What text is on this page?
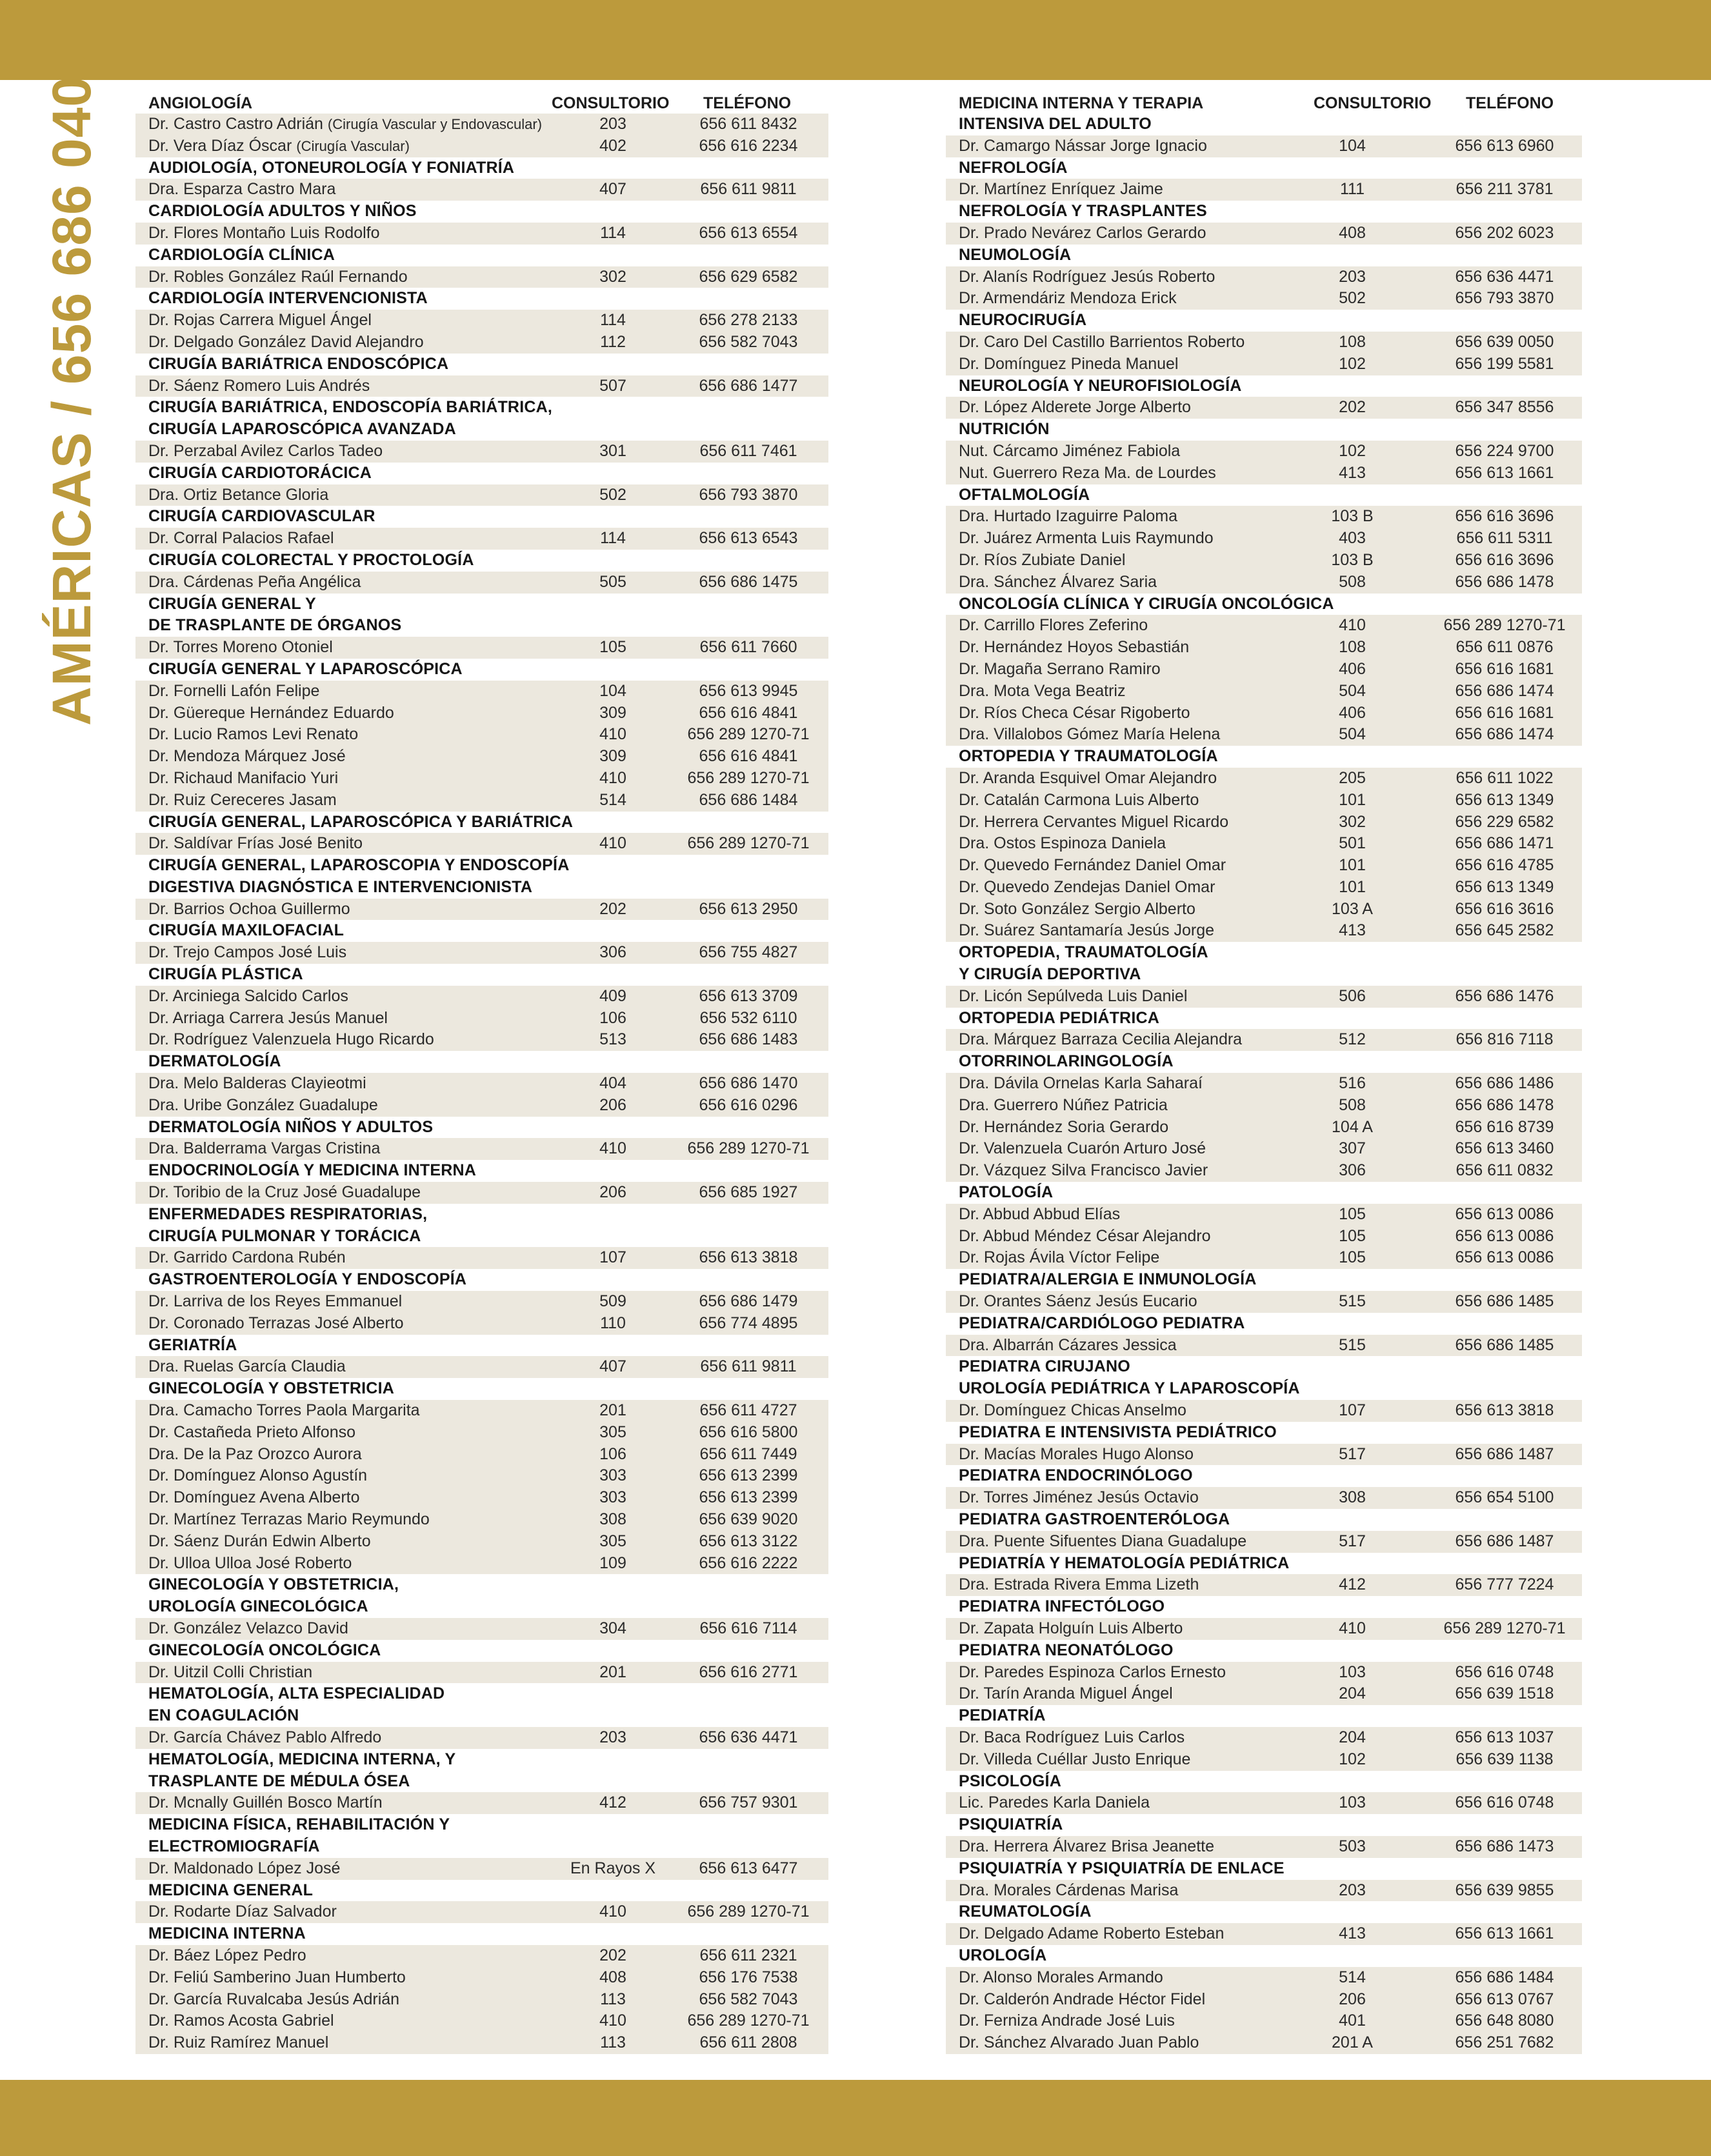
AMÉRICAS / 656 686 0400	ANGIOLOGÍA	CONSULTORIO TELÉFONO
Dr. Castro Castro Adrián (Cirugía Vascular y Endovascular)	203	656 611 8432
Dr. Vera Díaz Óscar (Cirugía Vascular)	402	656 616 2234
AUDIOLOGÍA, OTONEUROLOGÍA Y FONIATRÍA
Dra. Esparza Castro Mara	407	656 611 9811
CARDIOLOGÍA ADULTOS Y NIÑOS
Dr. Flores Montaño Luis Rodolfo	114	656 613 6554
CARDIOLOGÍA CLÍNICA
Dr. Robles González Raúl Fernando	302	656 629 6582
CARDIOLOGÍA INTERVENCIONISTA
Dr. Rojas Carrera Miguel Ángel	114	656 278 2133
Dr. Delgado González David Alejandro	112	656 582 7043
CIRUGÍA BARIÁTRICA ENDOSCÓPICA
Dr. Sáenz Romero Luis Andrés	507	656 686 1477
CIRUGÍA BARIÁTRICA, ENDOSCOPÍA BARIÁTRICA,
CIRUGÍA LAPAROSCÓPICA AVANZADA
Dr. Perzabal Avilez Carlos Tadeo	301	656 611 7461
CIRUGÍA CARDIOTORÁCICA
Dra. Ortiz Betance Gloria	502	656 793 3870
CIRUGÍA CARDIOVASCULAR
Dr. Corral Palacios Rafael	114	656 613 6543
CIRUGÍA COLORECTAL Y PROCTOLOGÍA
Dra. Cárdenas Peña Angélica	505	656 686 1475
CIRUGÍA GENERAL Y
DE TRASPLANTE DE ÓRGANOS
Dr. Torres Moreno Otoniel	105	656 611 7660
CIRUGÍA GENERAL Y LAPAROSCÓPICA
Dr. Fornelli Lafón Felipe	104	656 613 9945
Dr. Güereque Hernández Eduardo	309	656 616 4841
Dr. Lucio Ramos Levi Renato	410	656 289 1270-71
Dr. Mendoza Márquez José	309	656 616 4841
Dr. Richaud Manifacio Yuri	410	656 289 1270-71
Dr. Ruiz Cereceres Jasam	514	656 686 1484
CIRUGÍA GENERAL, LAPAROSCÓPICA Y BARIÁTRICA
Dr. Saldívar Frías José Benito	410	656 289 1270-71
CIRUGÍA GENERAL, LAPAROSCOPIA Y ENDOSCOPÍA
DIGESTIVA DIAGNÓSTICA E INTERVENCIONISTA
Dr. Barrios Ochoa Guillermo	202	656 613 2950
CIRUGÍA MAXILOFACIAL
Dr. Trejo Campos José Luis	306	656 755 4827
CIRUGÍA PLÁSTICA
Dr. Arciniega Salcido Carlos	409	656 613 3709
Dr. Arriaga Carrera Jesús Manuel	106	656 532 6110
Dr. Rodríguez Valenzuela Hugo Ricardo	513	656 686 1483
DERMATOLOGÍA
Dra. Melo Balderas Clayieotmi	404	656 686 1470
Dra. Uribe González Guadalupe	206	656 616 0296
DERMATOLOGÍA NIÑOS Y ADULTOS
Dra. Balderrama Vargas Cristina	410	656 289 1270-71
ENDOCRINOLOGÍA Y MEDICINA INTERNA
Dr. Toribio de la Cruz José Guadalupe	206	656 685 1927
ENFERMEDADES RESPIRATORIAS,
CIRUGÍA PULMONAR Y TORÁCICA
Dr. Garrido Cardona Rubén	107	656 613 3818
GASTROENTEROLOGÍA Y ENDOSCOPÍA
Dr. Larriva de los Reyes Emmanuel	509	656 686 1479
Dr. Coronado Terrazas José Alberto	110	656 774 4895
GERIATRÍA
Dra. Ruelas García Claudia	407	656 611 9811
GINECOLOGÍA Y OBSTETRICIA
Dra. Camacho Torres Paola Margarita	201	656 611 4727
Dr. Castañeda Prieto Alfonso	305	656 616 5800
Dra. De la Paz Orozco Aurora	106	656 611 7449
Dr. Domínguez Alonso Agustín	303	656 613 2399
Dr. Domínguez Avena Alberto	303	656 613 2399
Dr. Martínez Terrazas Mario Reymundo	308	656 639 9020
Dr. Sáenz Durán Edwin Alberto	305	656 613 3122
Dr. Ulloa Ulloa José Roberto	109	656 616 2222
GINECOLOGÍA Y OBSTETRICIA,
UROLOGÍA GINECOLÓGICA
Dr. González Velazco David	304	656 616 7114
GINECOLOGÍA ONCOLÓGICA
Dr. Uitzil Colli Christian	201	656 616 2771
HEMATOLOGÍA, ALTA ESPECIALIDAD
EN COAGULACIÓN
Dr. García Chávez Pablo Alfredo	203	656 636 4471
HEMATOLOGÍA, MEDICINA INTERNA, Y
TRASPLANTE DE MÉDULA ÓSEA
Dr. Mcnally Guillén Bosco Martín	412	656 757 9301
MEDICINA FÍSICA, REHABILITACIÓN Y
ELECTROMIOGRAFÍA
Dr. Maldonado López José	En Rayos X	656 613 6477
MEDICINA GENERAL
Dr. Rodarte Díaz Salvador	410	656 289 1270-71
MEDICINA INTERNA
Dr. Báez López Pedro	202	656 611 2321
Dr. Feliú Samberino Juan Humberto	408	656 176 7538
Dr. García Ruvalcaba Jesús Adrián	113	656 582 7043
Dr. Ramos Acosta Gabriel	410	656 289 1270-71
Dr. Ruiz Ramírez Manuel	113	656 611 2808
MEDICINA INTERNA Y TERAPIA	CONSULTORIO TELÉFONO
INTENSIVA DEL ADULTO
Dr. Camargo Nássar Jorge Ignacio	104	656 613 6960
NEFROLOGÍA
Dr. Martínez Enríquez Jaime	111	656 211 3781
NEFROLOGÍA Y TRASPLANTES
Dr. Prado Nevárez Carlos Gerardo	408	656 202 6023
NEUMOLOGÍA
Dr. Alanís Rodríguez Jesús Roberto	203	656 636 4471
Dr. Armendáriz Mendoza Erick	502	656 793 3870
NEUROCIRUGÍA
Dr. Caro Del Castillo Barrientos Roberto	108	656 639 0050
Dr. Domínguez Pineda Manuel	102	656 199 5581
NEUROLOGÍA Y NEUROFISIOLOGÍA
Dr. López Alderete Jorge Alberto	202	656 347 8556
NUTRICIÓN
Nut. Cárcamo Jiménez Fabiola	102	656 224 9700
Nut. Guerrero Reza Ma. de Lourdes	413	656 613 1661
OFTALMOLOGÍA
Dra. Hurtado Izaguirre Paloma	103 B	656 616 3696
Dr. Juárez Armenta Luis Raymundo	403	656 611 5311
Dr. Ríos Zubiate Daniel	103 B	656 616 3696
Dra. Sánchez Álvarez Saria	508	656 686 1478
ONCOLOGÍA CLÍNICA Y CIRUGÍA ONCOLÓGICA
Dr. Carrillo Flores Zeferino	410	656 289 1270-71
Dr. Hernández Hoyos Sebastián	108	656 611 0876
Dr. Magaña Serrano Ramiro	406	656 616 1681
Dra. Mota Vega Beatriz	504	656 686 1474
Dr. Ríos Checa César Rigoberto	406	656 616 1681
Dra. Villalobos Gómez María Helena	504	656 686 1474
ORTOPEDIA Y TRAUMATOLOGÍA
Dr. Aranda Esquivel Omar Alejandro	205	656 611 1022
Dr. Catalán Carmona Luis Alberto	101	656 613 1349
Dr. Herrera Cervantes Miguel Ricardo	302	656 229 6582
Dra. Ostos Espinoza Daniela	501	656 686 1471
Dr. Quevedo Fernández Daniel Omar	101	656 616 4785
Dr. Quevedo Zendejas Daniel Omar	101	656 613 1349
Dr. Soto González Sergio Alberto	103 A	656 616 3616
Dr. Suárez Santamaría Jesús Jorge	413	656 645 2582
ORTOPEDIA, TRAUMATOLOGÍA
Y CIRUGÍA DEPORTIVA
Dr. Licón Sepúlveda Luis Daniel	506	656 686 1476
ORTOPEDIA PEDIÁTRICA
Dra. Márquez Barraza Cecilia Alejandra	512	656 816 7118
OTORRINOLARINGOLOGÍA
Dra. Dávila Ornelas Karla Saharaí	516	656 686 1486
Dra. Guerrero Núñez Patricia	508	656 686 1478
Dr. Hernández Soria Gerardo	104 A	656 616 8739
Dr. Valenzuela Cuarón Arturo José	307	656 613 3460
Dr. Vázquez Silva Francisco Javier	306	656 611 0832
PATOLOGÍA
Dr. Abbud Abbud Elías	105	656 613 0086
Dr. Abbud Méndez César Alejandro	105	656 613 0086
Dr. Rojas Ávila Víctor Felipe	105	656 613 0086
PEDIATRA/ALERGIA E INMUNOLOGÍA
Dr. Orantes Sáenz Jesús Eucario	515	656 686 1485
PEDIATRA/CARDIÓLOGO PEDIATRA
Dra. Albarrán Cázares Jessica	515	656 686 1485
PEDIATRA CIRUJANO
UROLOGÍA PEDIÁTRICA Y LAPAROSCOPÍA
Dr. Domínguez Chicas Anselmo	107	656 613 3818
PEDIATRA E INTENSIVISTA PEDIÁTRICO
Dr. Macías Morales Hugo Alonso	517	656 686 1487
PEDIATRA ENDOCRINÓLOGO
Dr. Torres Jiménez Jesús Octavio	308	656 654 5100
PEDIATRA GASTROENTERÓLOGA
Dra. Puente Sifuentes Diana Guadalupe	517	656 686 1487
PEDIATRÍA Y HEMATOLOGÍA PEDIÁTRICA
Dra. Estrada Rivera Emma Lizeth	412	656 777 7224
PEDIATRA INFECTÓLOGO
Dr. Zapata Holguín Luis Alberto	410	656 289 1270-71
PEDIATRA NEONATÓLOGO
Dr. Paredes Espinoza Carlos Ernesto	103	656 616 0748
Dr. Tarín Aranda Miguel Ángel	204	656 639 1518
PEDIATRÍA
Dr. Baca Rodríguez Luis Carlos	204	656 613 1037
Dr. Villeda Cuéllar Justo Enrique	102	656 639 1138
PSICOLOGÍA
Lic. Paredes Karla Daniela	103	656 616 0748
PSIQUIATRÍA
Dra. Herrera Álvarez Brisa Jeanette	503	656 686 1473
PSIQUIATRÍA Y PSIQUIATRÍA DE ENLACE
Dra. Morales Cárdenas Marisa	203	656 639 9855
REUMATOLOGÍA
Dr. Delgado Adame Roberto Esteban	413	656 613 1661
UROLOGÍA
Dr. Alonso Morales Armando	514	656 686 1484
Dr. Calderón Andrade Héctor Fidel	206	656 613 0767
Dr. Ferniza Andrade José Luis	401	656 648 8080
Dr. Sánchez Alvarado Juan Pablo	201 A	656 251 7682
